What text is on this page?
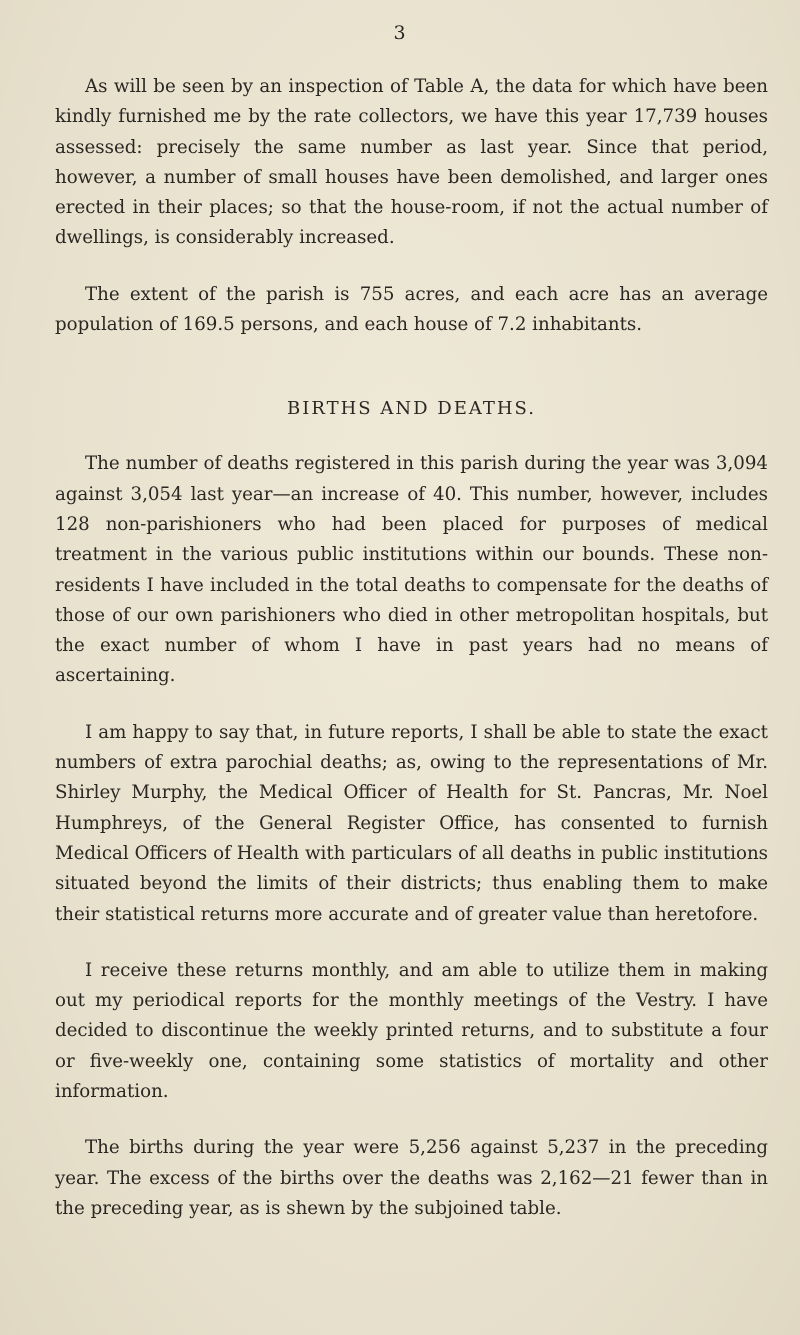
3

As will be seen by an inspection of Table A, the data for which have been kindly furnished me by the rate collectors, we have this year 17,739 houses assessed: precisely the same number as last year. Since that period, however, a number of small houses have been demolished, and larger ones erected in their places; so that the house-room, if not the actual number of dwellings, is considerably increased.

The extent of the parish is 755 acres, and each acre has an average population of 169.5 persons, and each house of 7.2 inhabitants.

BIRTHS AND DEATHS.

The number of deaths registered in this parish during the year was 3,094 against 3,054 last year—an increase of 40. This number, however, includes 128 non-parishioners who had been placed for purposes of medical treatment in the various public institutions within our bounds. These non-residents I have included in the total deaths to compensate for the deaths of those of our own parishioners who died in other metropolitan hospitals, but the exact number of whom I have in past years had no means of ascertaining.

I am happy to say that, in future reports, I shall be able to state the exact numbers of extra parochial deaths; as, owing to the representations of Mr. Shirley Murphy, the Medical Officer of Health for St. Pancras, Mr. Noel Humphreys, of the General Register Office, has consented to furnish Medical Officers of Health with particulars of all deaths in public institutions situated beyond the limits of their districts; thus enabling them to make their statistical returns more accurate and of greater value than heretofore.

I receive these returns monthly, and am able to utilize them in making out my periodical reports for the monthly meetings of the Vestry. I have decided to discontinue the weekly printed returns, and to substitute a four or five-weekly one, containing some statistics of mortality and other information.

The births during the year were 5,256 against 5,237 in the preceding year. The excess of the births over the deaths was 2,162—21 fewer than in the preceding year, as is shewn by the subjoined table.
